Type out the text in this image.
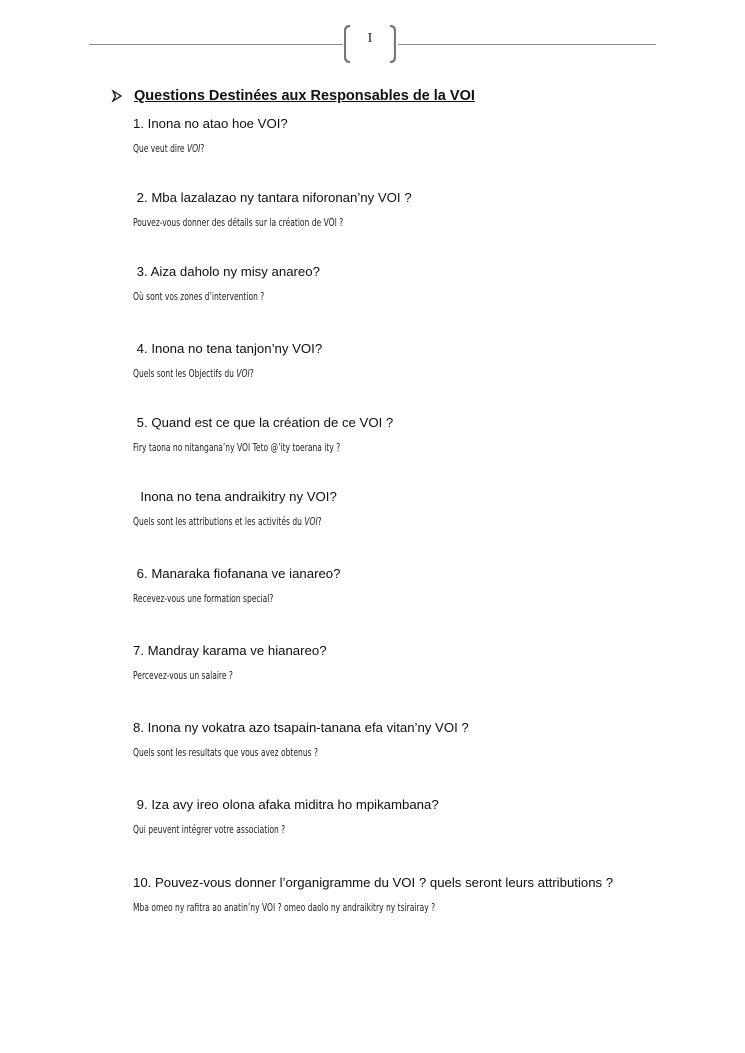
I
Questions Destinées aux Responsables de la VOI
1. Inona no atao hoe VOI?
Que veut dire VOI?
2. Mba lazalazao ny tantara niforonan’ny VOI ?
Pouvez-vous donner des détails sur la création de VOI ?
3. Aiza daholo ny misy anareo?
Où sont vos zones d’intervention ?
4. Inona no tena tanjon’ny VOI?
Quels sont les Objectifs du VOI?
5. Quand est ce que la création de ce VOI ?
Firy taona no nitangana’ny VOI Teto @’ity toerana ity ?
Inona no tena andraikitry ny VOI?
Quels sont les attributions et les activités du VOI?
6. Manaraka fiofanana ve ianareo?
Recevez-vous une formation special?
7. Mandray karama ve hianareo?
Percevez-vous un salaire ?
8. Inona ny vokatra azo tsapain-tanana efa vitan’ny VOI ?
Quels sont les resultats que vous avez obtenus ?
9. Iza avy ireo olona afaka miditra ho mpikambana?
Qui peuvent intégrer votre association ?
10. Pouvez-vous donner l’organigramme du VOI ? quels seront leurs attributions ?
Mba omeo ny rafitra ao anatin’ny VOI ? omeo daolo ny andraikitry ny tsirairay ?
